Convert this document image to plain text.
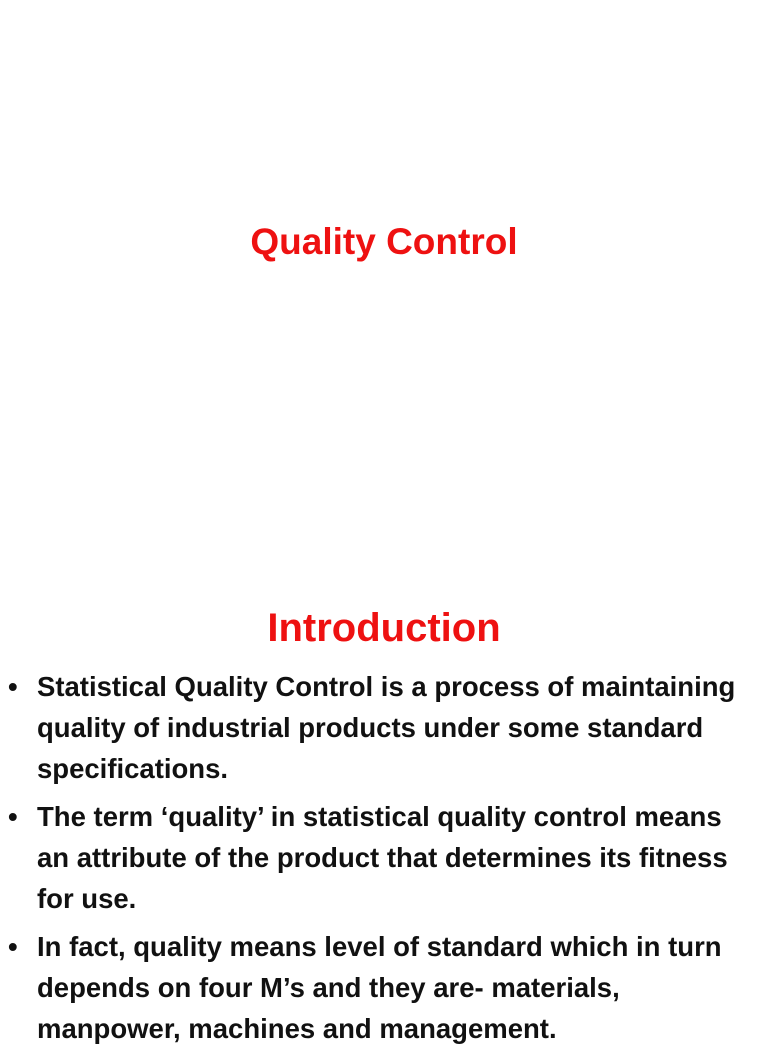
Quality Control
Introduction
• Statistical Quality Control is a process of maintaining quality of industrial products under some standard specifications.
• The term ‘quality’ in statistical quality control means an attribute of the product that determines its fitness for use.
• In fact, quality means level of standard which in turn depends on four M’s and they are- materials, manpower, machines and management.
